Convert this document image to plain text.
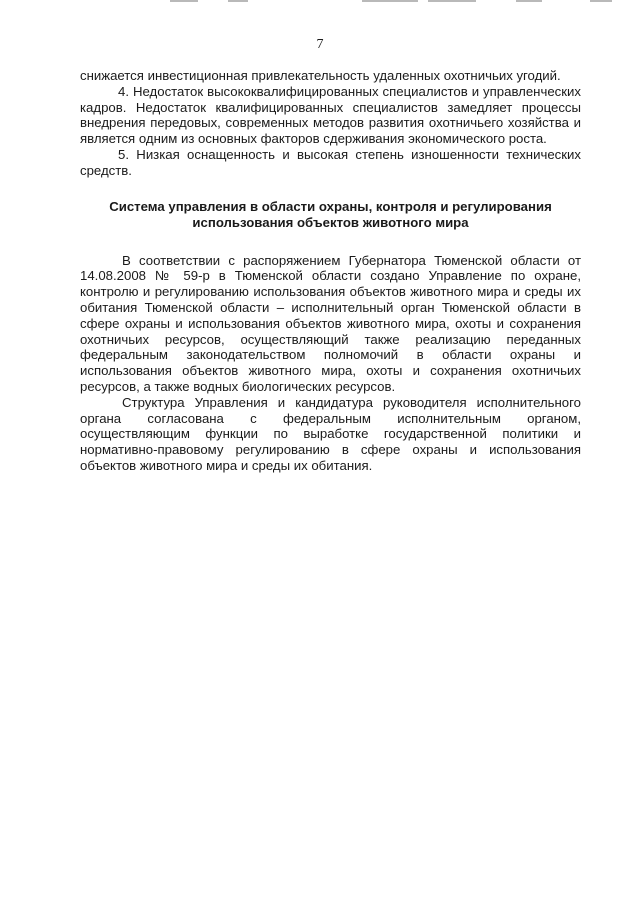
7

снижается инвестиционная привлекательность удаленных охотничьих угодий.

4. Недостаток высококвалифицированных специалистов и управленческих кадров. Недостаток квалифицированных специалистов замедляет процессы внедрения передовых, современных методов развития охотничьего хозяйства и является одним из основных факторов сдерживания экономического роста.

5. Низкая оснащенность и высокая степень изношенности технических средств.

Система управления в области охраны, контроля и регулирования
использования объектов животного мира

В соответствии с распоряжением Губернатора Тюменской области от 14.08.2008 № 59-р в Тюменской области создано Управление по охране, контролю и регулированию использования объектов животного мира и среды их обитания Тюменской области – исполнительный орган Тюменской области в сфере охраны и использования объектов животного мира, охоты и сохранения охотничьих ресурсов, осуществляющий также реализацию переданных федеральным законодательством полномочий в области охраны и использования объектов животного мира, охоты и сохранения охотничьих ресурсов, а также водных биологических ресурсов.

Структура Управления и кандидатура руководителя исполнительного органа согласована с федеральным исполнительным органом, осуществляющим функции по выработке государственной политики и нормативно-правовому регулированию в сфере охраны и использования объектов животного мира и среды их обитания.
